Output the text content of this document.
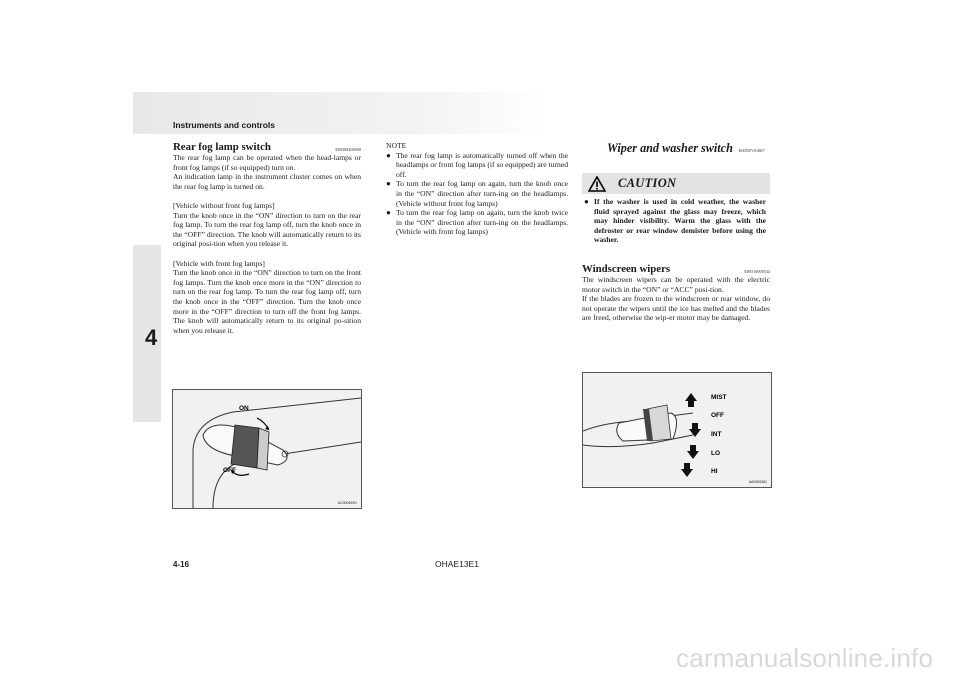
Instruments and controls
4
Rear fog lamp switch	E00508400569

The rear fog lamp can be operated when the head-lamps or front fog lamps (if so equipped) turn on.

An indication lamp in the instrument cluster comes on when the rear fog lamp is turned on.

[Vehicle without front fog lamps]

Turn the knob once in the “ON” direction to turn on the rear fog lamp. To turn the rear fog lamp off, turn the knob once in the “OFF” direction. The knob will automatically return to its original posi-tion when you release it.

[Vehicle with front fog lamps]

Turn the knob once in the “ON” direction to turn on the front fog lamps. Turn the knob once more in the “ON” direction to turn on the rear fog lamp. To turn the rear fog lamp off, turn the knob once in the “OFF” direction. Turn the knob once more in the “OFF” direction to turn off the front fog lamps. The knob will automatically return to its original po-sition when you release it.

ON
OFF
AC000459G

NOTE

● The rear fog lamp is automatically turned off when the headlamps or front fog lamps (if so equipped) are turned off.
● To turn the rear fog lamp on again, turn the knob once in the “ON” direction after turn-ing on the headlamps. (Vehicle without front fog lamps)
● To turn the rear fog lamp on again, turn the knob twice in the “ON” direction after turn-ing on the headlamps. (Vehicle with front fog lamps)
Wiper and washer switch E00507101667
CAUTION
● If the washer is used in cold weather, the washer fluid sprayed against the glass may freeze, which may hinder visibility. Warm the glass with the defroster or rear window demister before using the washer.
Windscreen wipers	E00516000534

The windscreen wipers can be operated with the electric motor switch in the “ON” or “ACC” posi-tion.

If the blades are frozen to the windscreen or rear window, do not operate the wipers until the ice has melted and the blades are freed, otherwise the wip-er motor may be damaged.

MIST
OFF
INT
LO
HI
AA0055381
4-16	OHAE13E1
carmanualsonline.info
